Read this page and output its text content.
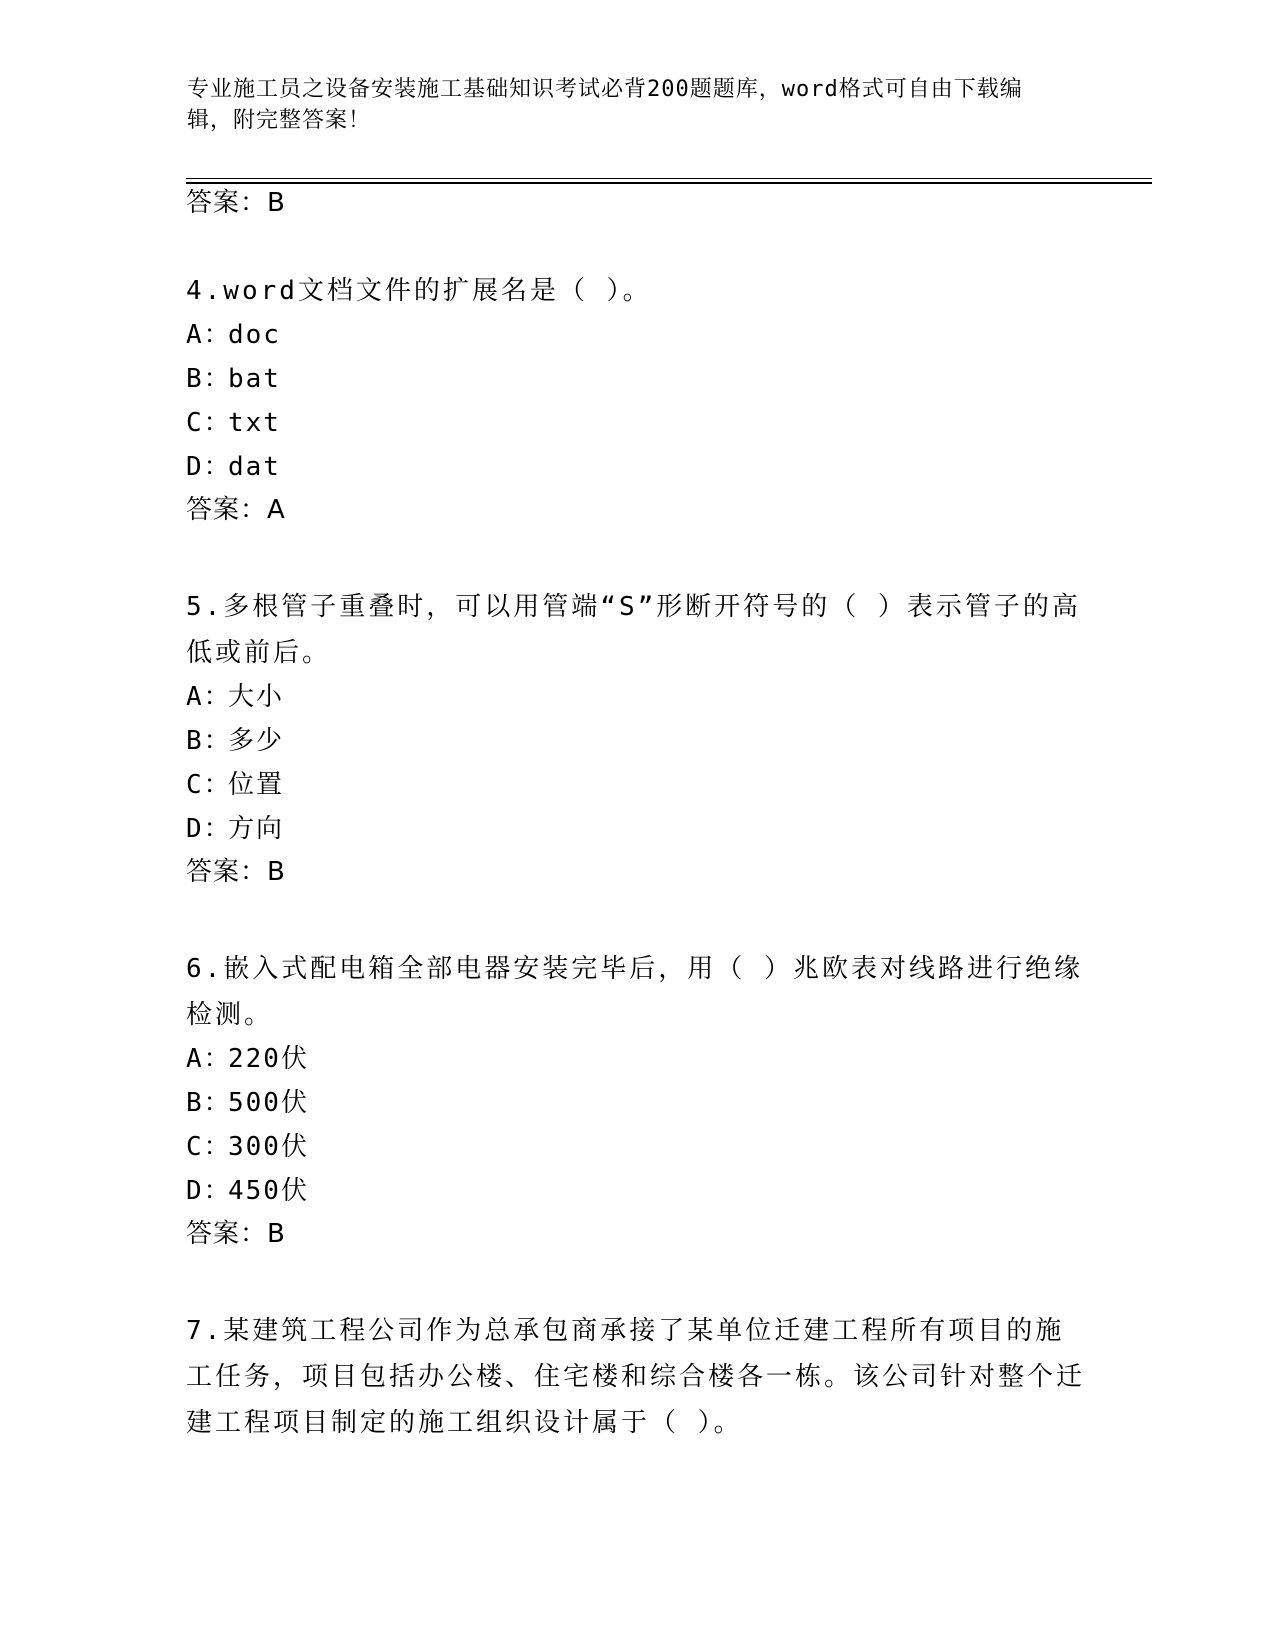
专业施工员之设备安装施工基础知识考试必背200题题库，word格式可自由下载编辑，附完整答案！
答案：B
4.word文档文件的扩展名是（ ）。
A：doc
B：bat
C：txt
D：dat
答案：A
5.多根管子重叠时，可以用管端“S”形断开符号的（ ）表示管子的高低或前后。
A：大小
B：多少
C：位置
D：方向
答案：B
6.嵌入式配电箱全部电器安装完毕后，用（ ）兆欧表对线路进行绝缘检测。
A：220伏
B：500伏
C：300伏
D：450伏
答案：B
7.某建筑工程公司作为总承包商承接了某单位迁建工程所有项目的施工任务，项目包括办公楼、住宅楼和综合楼各一栋。该公司针对整个迁建工程项目制定的施工组织设计属于（ ）。
